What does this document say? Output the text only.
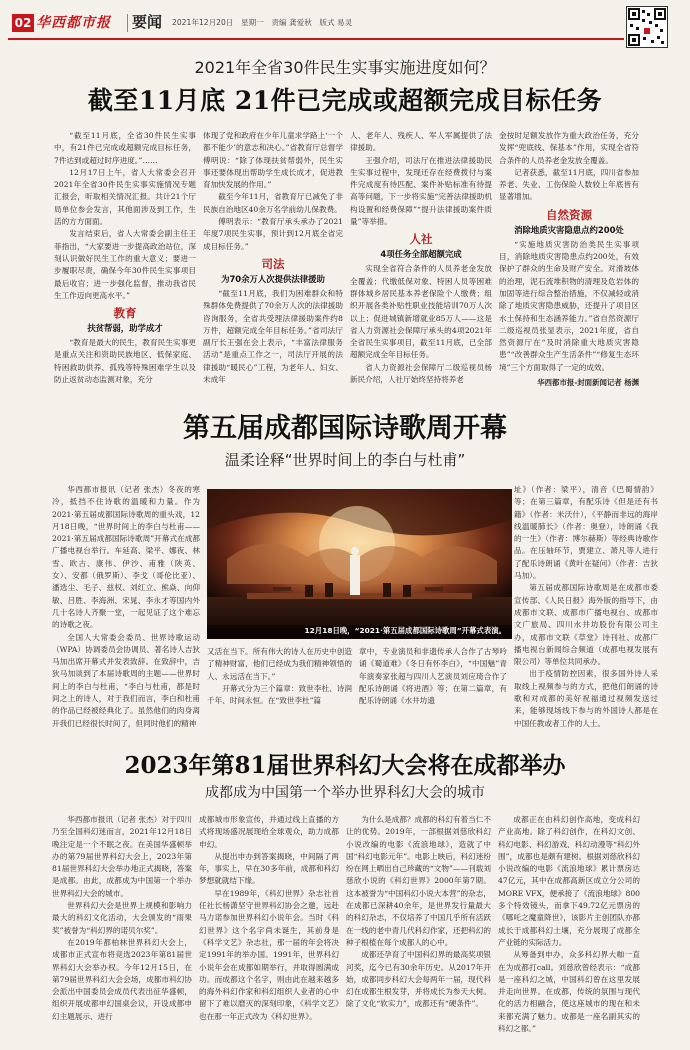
02 华西都市报	要闻 2021年12月20日　星期一　责编 龚爱秋　版式 易灵
2021年全省30件民生实事实施进度如何？
截至11月底 21件已完成或超额完成目标任务

“截至11月底，全省30件民生实事中，有21件已完成或超额完成目标任务，7件达到或超过时序进度。”……

12月17日上午，省人大常委会召开2021年全省30件民生实事实施情况专题汇报会，听取相关情况汇报。共计21个厅局单位参会发言，其他面涉及到工作，生活的方方面面。

发言结束后，省人大常委会副主任王菲指出，“大家要进一步提高政治站位，深刻认识做好民生工作的重大意义；要进一步履职尽责，确保今年30件民生实事项目最后收官；进一步强化监督，推动我省民生工作迈向更高水平。”

教育
扶贫帮弱，助学成才

“教育是最大的民生，教育民生实事更是重点关注和资助民族地区、低保家庭、特困救助供养、孤残等特殊困难学生以及防止返贫动态监测对象，充分

体现了党和政府在少年儿童求学路上‘一个都不能少’的意志和决心。”省教育厅总督学傅明说：“除了体现扶贫帮弱外，民生实事还要体现出帮助学生成长成才，促进教育加快发展的作用。”

截至今年11月，省教育厅已减免了非民族自治地区40余万名学前幼儿保教费。

傅明表示：“教育厅承头承办了2021年度7项民生实事，预计到12月底全省完成目标任务。”

司法
为70余万人次提供法律援助

“截至11月底，我们为困难群众和特殊群体免费提供了70余万人次的法律援助咨询服务，全省共受理法律援助案件约8万件，超额完成全年目标任务。”省司法厅副厅长王强在会上表示，“丰富法律服务活动”是重点工作之一，司法厅开展的法律援助“暖民心”工程，为老年人、妇女、未成年

人、老年人、残疾人、军人军属提供了法律援助。

王强介绍，司法厅在推进法律援助民生实事过程中，发现还存在经费拨付与案件完成度有待匹配、案件补贴标准有待提高等问题，下一步将实施“完善法律援助机构设置和经费保障”“提升法律援助案件质量”等举措。

人社
4项任务全部超额完成

实现全省符合条件的人员养老金发放全覆盖；代缴低保对象、特困人员等困难群体城乡居民基本养老保险个人缴费；组织开展各类补贴性职业技能培训70万人次以上；促进城镇新增就业85万人——这是省人力资源社会保障厅承头的4项2021年全省民生实事项目，截至11月底，已全部超额完成全年目标任务。

省人力资源社会保障厅二级巡视员杨新民介绍，人社厅始终坚持将养老

金按时足额发放作为重大政治任务，充分发挥“兜底线、保基本”作用，实现全省符合条件的人员养老金发放全覆盖。

记者获悉，截至11月底，四川省参加养老、失业、工伤保险人数较上年底皆有显著增加。

自然资源
消除地质灾害隐患点约200处

“实施地质灾害防治类民生实事项目，消除地质灾害隐患点约200处，有效保护了群众的生命及财产安全。对滑坡体的治理，泥石流堆积物的清理及危岩体的加固等进行综合整治措施，不仅减轻或消除了地质灾害隐患威胁，还提升了项目区水土保持和生态涵养能力。”省自然资源厅二级巡视员张显表示，2021年度，省自然资源厅在“及时消除重大地质灾害隐患”“改善群众生产生活条件”“修复生态环境”三个方面取得了一定的成效。

华西都市报-封面新闻记者 杨渊
第五届成都国际诗歌周开幕
温柔诠释“世界时间上的李白与杜甫”

华西都市报讯（记者 张杰）冬夜的寒冷，抵挡不住诗歌的温暖和力量。作为2021·第五届成都国际诗歌周的重头戏，12月18日晚，“世界时间上的李白与杜甫——2021·第五届成都国际诗歌周”开幕式在成都广播电视台举行。车延高、梁平、娜夜、林雪、欧古、康伟、伊沙、甫雅（陕英、女）、安都（俄罗斯）、李戈（哥伦比亚）、潘选尘、毛子、兹权、刘红立、熊焱、向仰敏、吕胜、李海洲、宋晁、李永才等国内外几十名诗人齐聚一堂，一起见证了这个难忘的诗歌之夜。

全国人大常委会委员、世界诗歌运动（WPA）协调委员会协调员、著名诗人吉狄马加出席开幕式并发表致辞。在致辞中，吉狄马加谈到了本届诗歌周的主题——世界时间上的李白与杜甫，“李白与杜甫，都是时间之上的诗人，对于我们而言，李白和杜甫的作品已经被经典化了。虽然他们的肉身离开我们已经很长时间了，但同时他们的精神

12月18日晚，“2021·第五届成都国际诗歌周”开幕式表演。

又活在当下。所有伟大的诗人在历史中创造了精神财富，他们已经成为我们精神领悟的人、永远活在当下。”

开幕式分为三个篇章：致世李杜、诗润千年、时间永恒。在“致世李杜”篇

章中，专业演员和非遗传承人合作了古琴吟诵《蜀道难》《冬日有怀李白》，“中国魅”青年演奏家张超与四川人艺演员刘应琦合作了配乐诗朗诵《将进酒》等；在第二篇章，有配乐诗朗诵《水井坊遗

址》（作者：梁平），清音《巴蜀情韵》等；在第三篇章，有配乐诗《但是还有书籍》（作者：米沃什），《平静而非远的海岸线温暖肺长》（作者：奥登），诗朗诵《我的一生》（作者：博尔赫斯）等经典诗歌作品。在压轴环节，贾建立、萧凡等人进行了配乐诗朗诵《黄叶在疑问》（作者：吉狄马加）。

第五届成都国际诗歌周是在成都市委宣传部、《人民日报》海外版的指导下，由成都市文联、成都市广播电视台、成都市文广旅局、四川水井坊股份有限公司主办，成都市文联《草堂》诗刊社、成都广播电视台新闻综合频道（成都电视发展有限公司）等单位共同承办。

出于疫情防控因素，很多国外诗人采取线上视频参与的方式，把他们朗诵的诗歌和对成都的美好祝福通过视频发送过来，能够现场线下参与的外国诗人都是在中国任教或者工作的人士。

2023年第81届世界科幻大会将在成都举办
成都成为中国第一个举办世界科幻大会的城市

华西都市报讯（记者 张杰）对于四川乃至全国科幻迷而言，2021年12月18日晚注定是一个不眠之夜。在美国华盛顿举办的第79届世界科幻大会上，2023年第81届世界科幻大会举办地正式揭晓，答案是成都。由此，成都成为中国第一个举办世界科幻大会的城市。

世界科幻大会是世界上规模和影响力最大的科幻文化活动，大会颁发的“雨果奖”被誉为“科幻界的诺贝尔奖”。

在2019年都柏林世界科幻大会上，成都市正式宣布将竞选2023年第81届世界科幻大会举办权。今年12月15日，在第79届世界科幻大会会场，成都市科幻协会派出中国委员会成员代表出征华盛顿，组织开展成都申幻国桌会议，开设成都申幻主题展示、进行

成都城市形象宣传，并通过线上直播的方式将现场盛况展现给全球观众，助力成都申幻。

从提出申办到答案揭晓，中间隔了两年，事实上，早在30多年前，成都和科幻梦想就就结下缘。

早在1989年，《科幻世界》杂志社首任社长杨潇坚守世界科幻协会之邀，远赴马力诺参加世界科幻小说年会。当时《科幻世界》这个名字尚未诞生，其前身是《科学文艺》杂志社，那一届的年会将决定1991年的举办国。1991年，世界科幻小说年会在成都如期举行，并取得圆满成功。而成都这个名字，则由此在越来越多的海外科幻作家和科幻组织人业者的心中留下了难以磨灭的深刻印象，《科学文艺》也在那一年正式改为《科幻世界》。

为什么是成都？成都的科幻有着当仁不让的优势。2019年，一部根据刘慈欣科幻小说改编的电影《流浪地球》，造就了中国“科幻电影元年”。电影上映后，科幻迷纷纷在网上晒出自己珍藏的“文物”——刊载刘慈欣小说的《科幻世界》2000年第7期。这本被誉为“中国科幻小说大本营”的杂志，在成都已深耕40余年，是世界发行量最大的科幻杂志，不仅培养了中国几乎所有活跃在一线的老中青几代科幻作家，还把科幻的种子根植在每个成都人的心中。

成都还孕育了中国科幻界的最高奖项银河奖，迄今已有30余年历史。从2017年开始，成都同步科幻大会每两年一届，现代科幻在成都生根发芽，并将成长为参天大树。除了文化“软实力”，成都还有“硬条件”。

成都正在由科幻创作高地，变成科幻产业高地。除了科幻创作，在科幻文创、科幻电影、科幻游戏、科幻动漫等“科幻外围”，成都也是颇有建树。根据刘慈欣科幻小说改编的电影《流浪地球》累计票房达47亿元，其中在成都高新区成立分公司的MORE VFX，便承接了《流浪地球》800多个特效镜头，而拿下49.72亿元票房的《哪吒之魔童降世》，该影片主创团队亦都成长于成都科幻土壤，充分展现了成都全产业链的实际活力。

从筹备到申办，众多科幻界大咖一直在为成都打call。刘慈欣曾经表示：“成都是一座科幻之城，中国科幻曾在这里发展并走向世界。在成都，传统的氛围与现代化的活力相融合，使这座城市的现在和未来都充满了魅力。成都是一座名副其实的科幻之都。”
